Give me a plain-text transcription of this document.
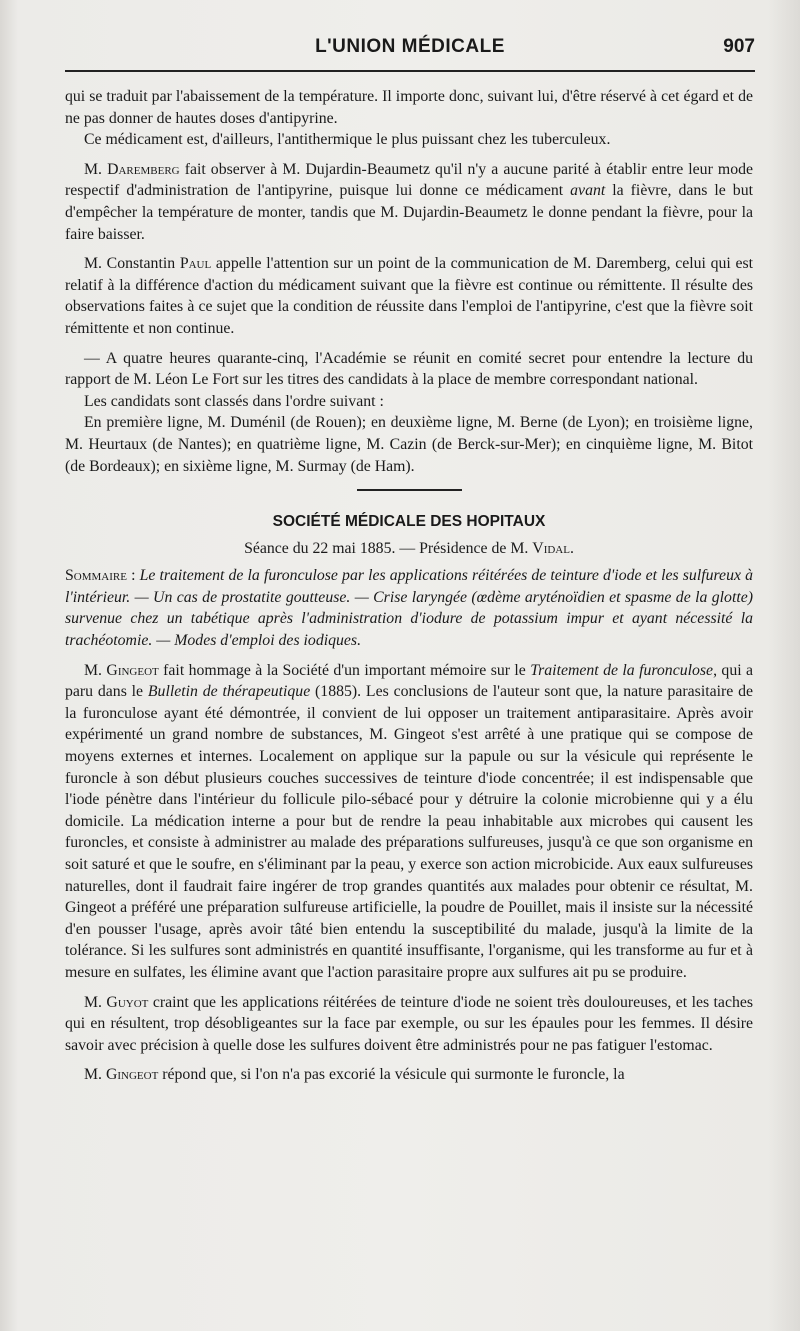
L'UNION MÉDICALE	907

qui se traduit par l'abaissement de la température. Il importe donc, suivant lui, d'être réservé à cet égard et de ne pas donner de hautes doses d'antipyrine.

Ce médicament est, d'ailleurs, l'antithermique le plus puissant chez les tuberculeux.

M. Dareмberg fait observer à M. Dujardin-Beaumetz qu'il n'y a aucune parité à établir entre leur mode respectif d'administration de l'antipyrine, puisque lui donne ce médicament avant la fièvre, dans le but d'empêcher la température de monter, tandis que M. Dujardin-Beaumetz le donne pendant la fièvre, pour la faire baisser.

M. Constantin Paul appelle l'attention sur un point de la communication de M. Daremberg, celui qui est relatif à la différence d'action du médicament suivant que la fièvre est continue ou rémittente. Il résulte des observations faites à ce sujet que la condition de réussite dans l'emploi de l'antipyrine, c'est que la fièvre soit rémittente et non continue.

— A quatre heures quarante-cinq, l'Académie se réunit en comité secret pour entendre la lecture du rapport de M. Léon Le Fort sur les titres des candidats à la place de membre correspondant national.

Les candidats sont classés dans l'ordre suivant :

En première ligne, M. Duménil (de Rouen); en deuxième ligne, M. Berne (de Lyon); en troisième ligne, M. Heurtaux (de Nantes); en quatrième ligne, M. Cazin (de Berck-sur-Mer); en cinquième ligne, M. Bitot (de Bordeaux); en sixième ligne, M. Surmay (de Ham).

SOCIÉTÉ MÉDICALE DES HOPITAUX

Séance du 22 mai 1885. — Présidence de M. Vidal.

Sommaire : Le traitement de la furonculose par les applications réitérées de teinture d'iode et les sulfureux à l'intérieur. — Un cas de prostatite goutteuse. — Crise laryngée (œdème aryténoïdien et spasme de la glotte) survenue chez un tabétique après l'administration d'iodure de potassium impur et ayant nécessité la trachéotomie. — Modes d'emploi des iodiques.

M. Gingeot fait hommage à la Société d'un important mémoire sur le Traitement de la furonculose, qui a paru dans le Bulletin de thérapeutique (1885). Les conclusions de l'auteur sont que, la nature parasitaire de la furonculose ayant été démontrée, il convient de lui opposer un traitement antiparasitaire. Après avoir expérimenté un grand nombre de substances, M. Gingeot s'est arrêté à une pratique qui se compose de moyens externes et internes. Localement on applique sur la papule ou sur la vésicule qui représente le furoncle à son début plusieurs couches successives de teinture d'iode concentrée; il est indispensable que l'iode pénètre dans l'intérieur du follicule pilo-sébacé pour y détruire la colonie microbienne qui y a élu domicile. La médication interne a pour but de rendre la peau inhabitable aux microbes qui causent les furoncles, et consiste à administrer au malade des préparations sulfureuses, jusqu'à ce que son organisme en soit saturé et que le soufre, en s'éliminant par la peau, y exerce son action microbicide. Aux eaux sulfureuses naturelles, dont il faudrait faire ingérer de trop grandes quantités aux malades pour obtenir ce résultat, M. Gingeot a préféré une préparation sulfureuse artificielle, la poudre de Pouillet, mais il insiste sur la nécessité d'en pousser l'usage, après avoir tâté bien entendu la susceptibilité du malade, jusqu'à la limite de la tolérance. Si les sulfures sont administrés en quantité insuffisante, l'organisme, qui les transforme au fur et à mesure en sulfates, les élimine avant que l'action parasitaire propre aux sulfures ait pu se produire.

M. Guyot craint que les applications réitérées de teinture d'iode ne soient très douloureuses, et les taches qui en résultent, trop désobligeantes sur la face par exemple, ou sur les épaules pour les femmes. Il désire savoir avec précision à quelle dose les sulfures doivent être administrés pour ne pas fatiguer l'estomac.

M. Gingeot répond que, si l'on n'a pas excorié la vésicule qui surmonte le furoncle, la
